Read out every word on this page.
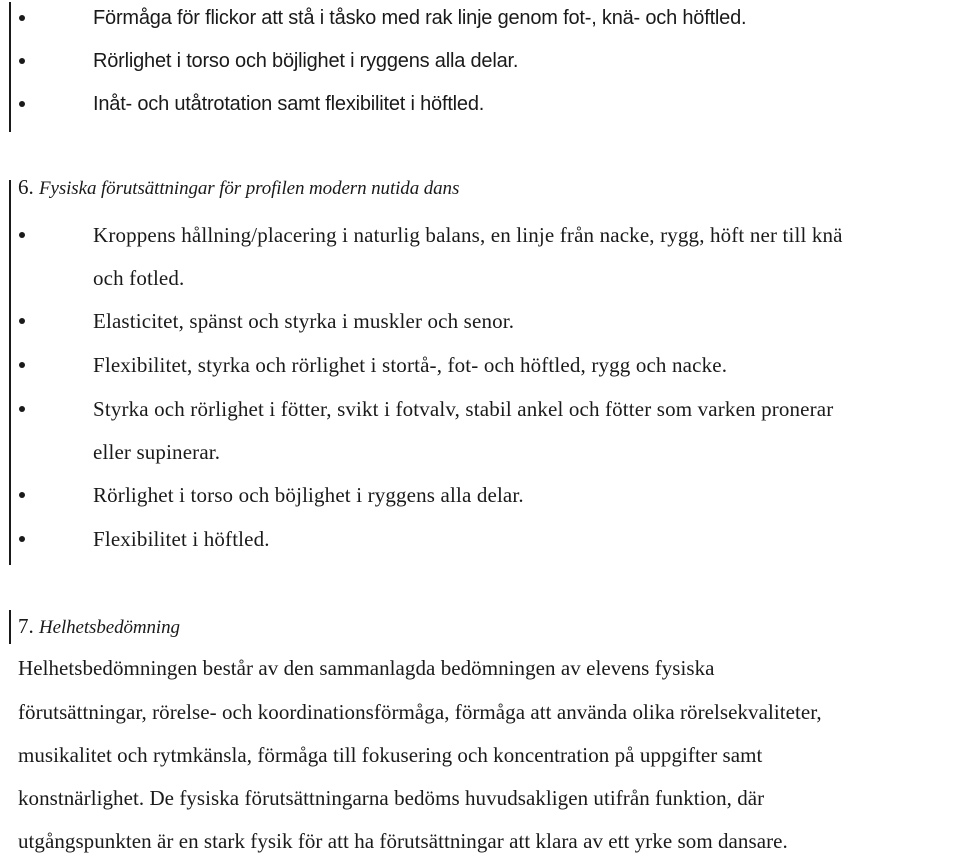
Förmåga för flickor att stå i tåsko med rak linje genom fot-, knä- och höftled.
Rörlighet i torso och böjlighet i ryggens alla delar.
Inåt- och utåtrotation samt flexibilitet i höftled.
6. Fysiska förutsättningar för profilen modern nutida dans
Kroppens hållning/placering i naturlig balans, en linje från nacke, rygg, höft ner till knä
och fotled.
Elasticitet, spänst och styrka i muskler och senor.
Flexibilitet, styrka och rörlighet i stortå-, fot- och höftled, rygg och nacke.
Styrka och rörlighet i fötter, svikt i fotvalv, stabil ankel och fötter som varken pronerar
eller supinerar.
Rörlighet i torso och böjlighet i ryggens alla delar.
Flexibilitet i höftled.
7. Helhetsbedömning
Helhetsbedömningen består av den sammanlagda bedömningen av elevens fysiska
förutsättningar, rörelse- och koordinationsförmåga, förmåga att använda olika rörelsekvaliteter,
musikalitet och rytmkänsla, förmåga till fokusering och koncentration på uppgifter samt
konstnärlighet. De fysiska förutsättningarna bedöms huvudsakligen utifrån funktion, där
utgångspunkten är en stark fysik för att ha förutsättningar att klara av ett yrke som dansare.
